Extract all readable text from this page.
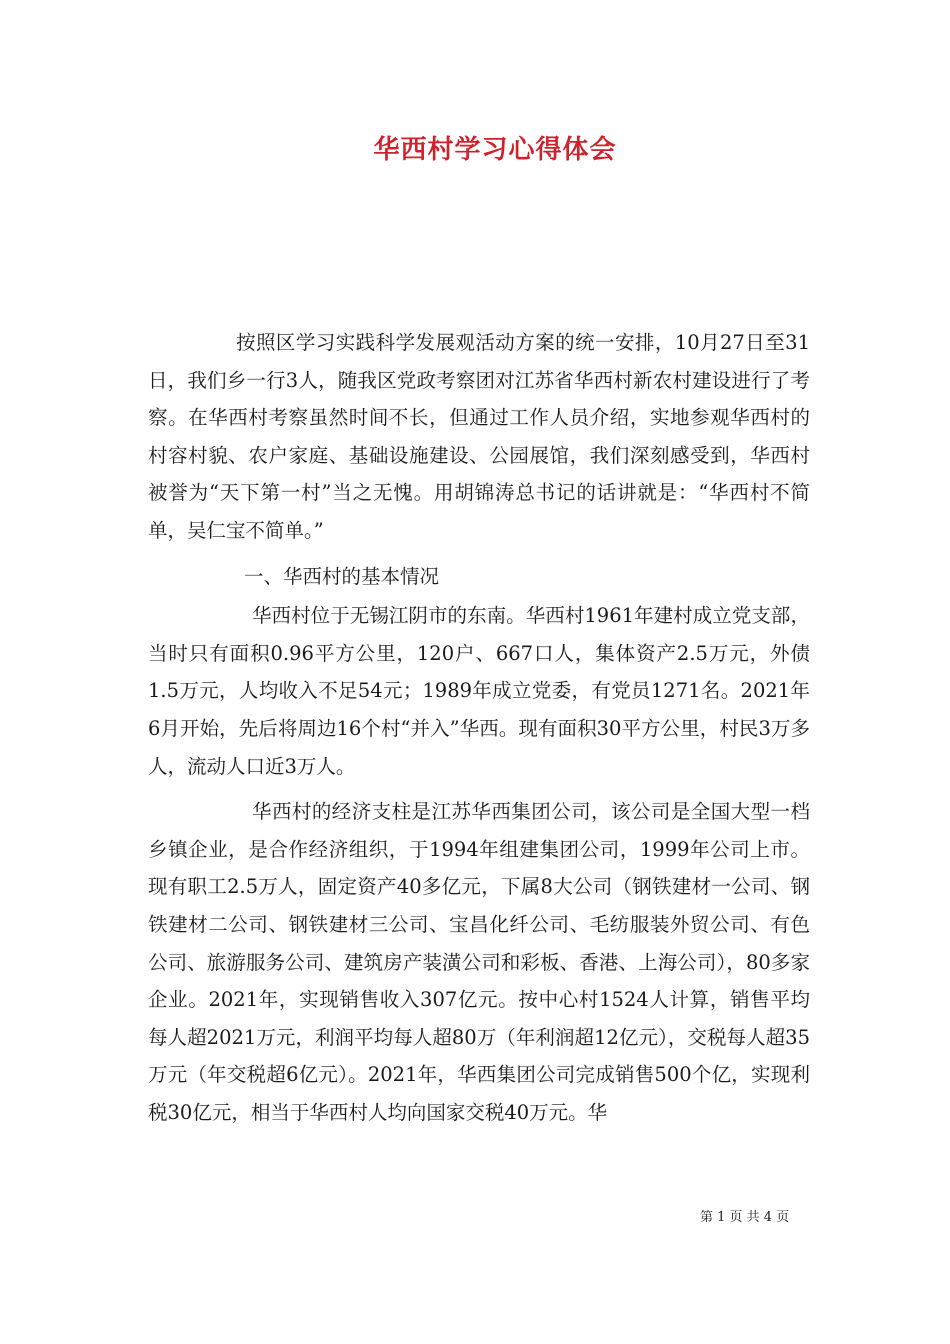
华西村学习心得体会

按照区学习实践科学发展观活动方案的统一安排，10月27日至31日，我们乡一行3人，随我区党政考察团对江苏省华西村新农村建设进行了考察。在华西村考察虽然时间不长，但通过工作人员介绍，实地参观华西村的村容村貌、农户家庭、基础设施建设、公园展馆，我们深刻感受到，华西村被誉为“天下第一村”当之无愧。用胡锦涛总书记的话讲就是：“华西村不简单，吴仁宝不简单。”

一、华西村的基本情况

华西村位于无锡江阴市的东南。华西村1961年建村成立党支部，当时只有面积0.96平方公里，120户、667口人，集体资产2.5万元，外债1.5万元，人均收入不足54元；1989年成立党委，有党员1271名。2021年6月开始，先后将周边16个村“并入”华西。现有面积30平方公里，村民3万多人，流动人口近3万人。

华西村的经济支柱是江苏华西集团公司，该公司是全国大型一档乡镇企业，是合作经济组织，于1994年组建集团公司，1999年公司上市。现有职工2.5万人，固定资产40多亿元，下属8大公司（钢铁建材一公司、钢铁建材二公司、钢铁建材三公司、宝昌化纤公司、毛纺服装外贸公司、有色公司、旅游服务公司、建筑房产装潢公司和彩板、香港、上海公司），80多家企业。2021年，实现销售收入307亿元。按中心村1524人计算，销售平均每人超2021万元，利润平均每人超80万（年利润超12亿元），交税每人超35万元（年交税超6亿元）。2021年，华西集团公司完成销售500个亿，实现利税30亿元，相当于华西村人均向国家交税40万元。华

第 1 页 共 4 页
